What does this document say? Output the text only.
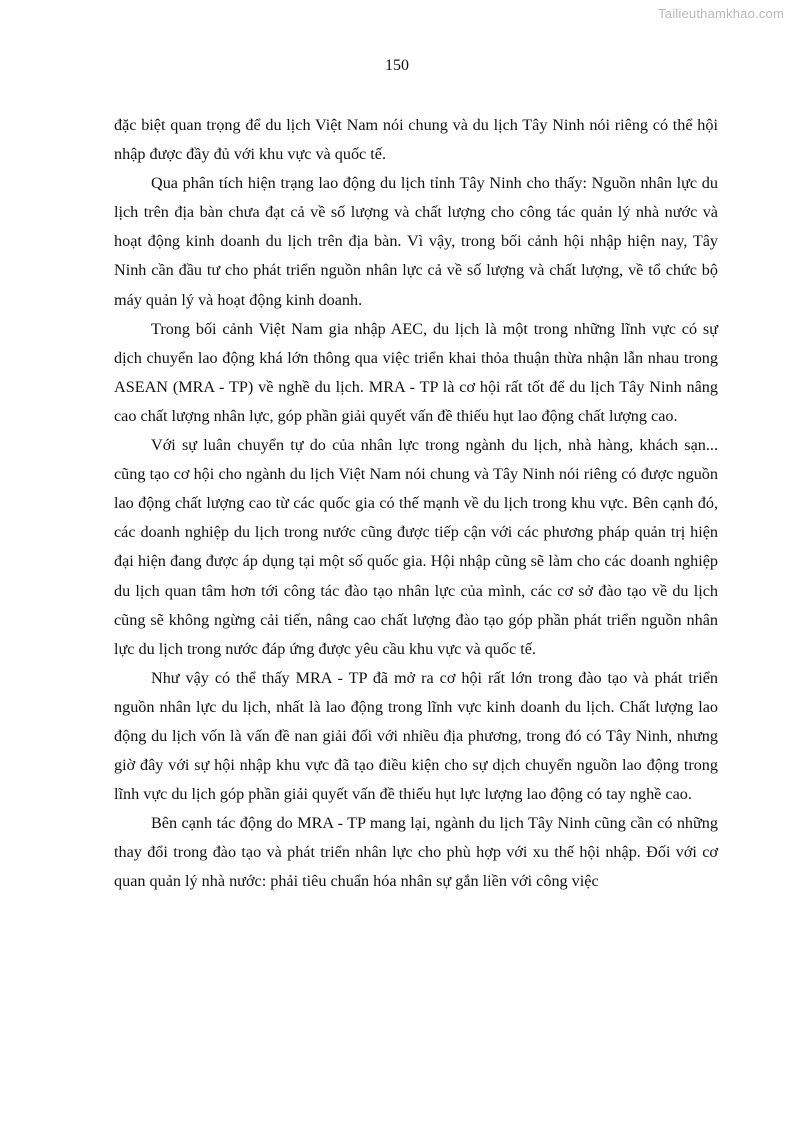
Tailieuthamkhao.com
150

đặc biệt quan trọng để du lịch Việt Nam nói chung và du lịch Tây Ninh nói riêng có thể hội nhập được đầy đủ với khu vực và quốc tế.

Qua phân tích hiện trạng lao động du lịch tỉnh Tây Ninh cho thấy: Nguồn nhân lực du lịch trên địa bàn chưa đạt cả về số lượng và chất lượng cho công tác quản lý nhà nước và hoạt động kinh doanh du lịch trên địa bàn. Vì vậy, trong bối cảnh hội nhập hiện nay, Tây Ninh cần đầu tư cho phát triển nguồn nhân lực cả về số lượng và chất lượng, về tổ chức bộ máy quản lý và hoạt động kinh doanh.

Trong bối cảnh Việt Nam gia nhập AEC, du lịch là một trong những lĩnh vực có sự dịch chuyển lao động khá lớn thông qua việc triển khai thỏa thuận thừa nhận lẫn nhau trong ASEAN (MRA - TP) về nghề du lịch. MRA - TP là cơ hội rất tốt để du lịch Tây Ninh nâng cao chất lượng nhân lực, góp phần giải quyết vấn đề thiếu hụt lao động chất lượng cao.

Với sự luân chuyển tự do của nhân lực trong ngành du lịch, nhà hàng, khách sạn... cũng tạo cơ hội cho ngành du lịch Việt Nam nói chung và Tây Ninh nói riêng có được nguồn lao động chất lượng cao từ các quốc gia có thế mạnh về du lịch trong khu vực. Bên cạnh đó, các doanh nghiệp du lịch trong nước cũng được tiếp cận với các phương pháp quản trị hiện đại hiện đang được áp dụng tại một số quốc gia. Hội nhập cũng sẽ làm cho các doanh nghiệp du lịch quan tâm hơn tới công tác đào tạo nhân lực của mình, các cơ sở đào tạo về du lịch cũng sẽ không ngừng cải tiến, nâng cao chất lượng đào tạo góp phần phát triển nguồn nhân lực du lịch trong nước đáp ứng được yêu cầu khu vực và quốc tế.

Như vậy có thể thấy MRA - TP đã mở ra cơ hội rất lớn trong đào tạo và phát triển nguồn nhân lực du lịch, nhất là lao động trong lĩnh vực kinh doanh du lịch. Chất lượng lao động du lịch vốn là vấn đề nan giải đối với nhiều địa phương, trong đó có Tây Ninh, nhưng giờ đây với sự hội nhập khu vực đã tạo điều kiện cho sự dịch chuyển nguồn lao động trong lĩnh vực du lịch góp phần giải quyết vấn đề thiếu hụt lực lượng lao động có tay nghề cao.

Bên cạnh tác động do MRA - TP mang lại, ngành du lịch Tây Ninh cũng cần có những thay đổi trong đào tạo và phát triển nhân lực cho phù hợp với xu thế hội nhập. Đối với cơ quan quản lý nhà nước: phải tiêu chuẩn hóa nhân sự gắn liền với công việc
